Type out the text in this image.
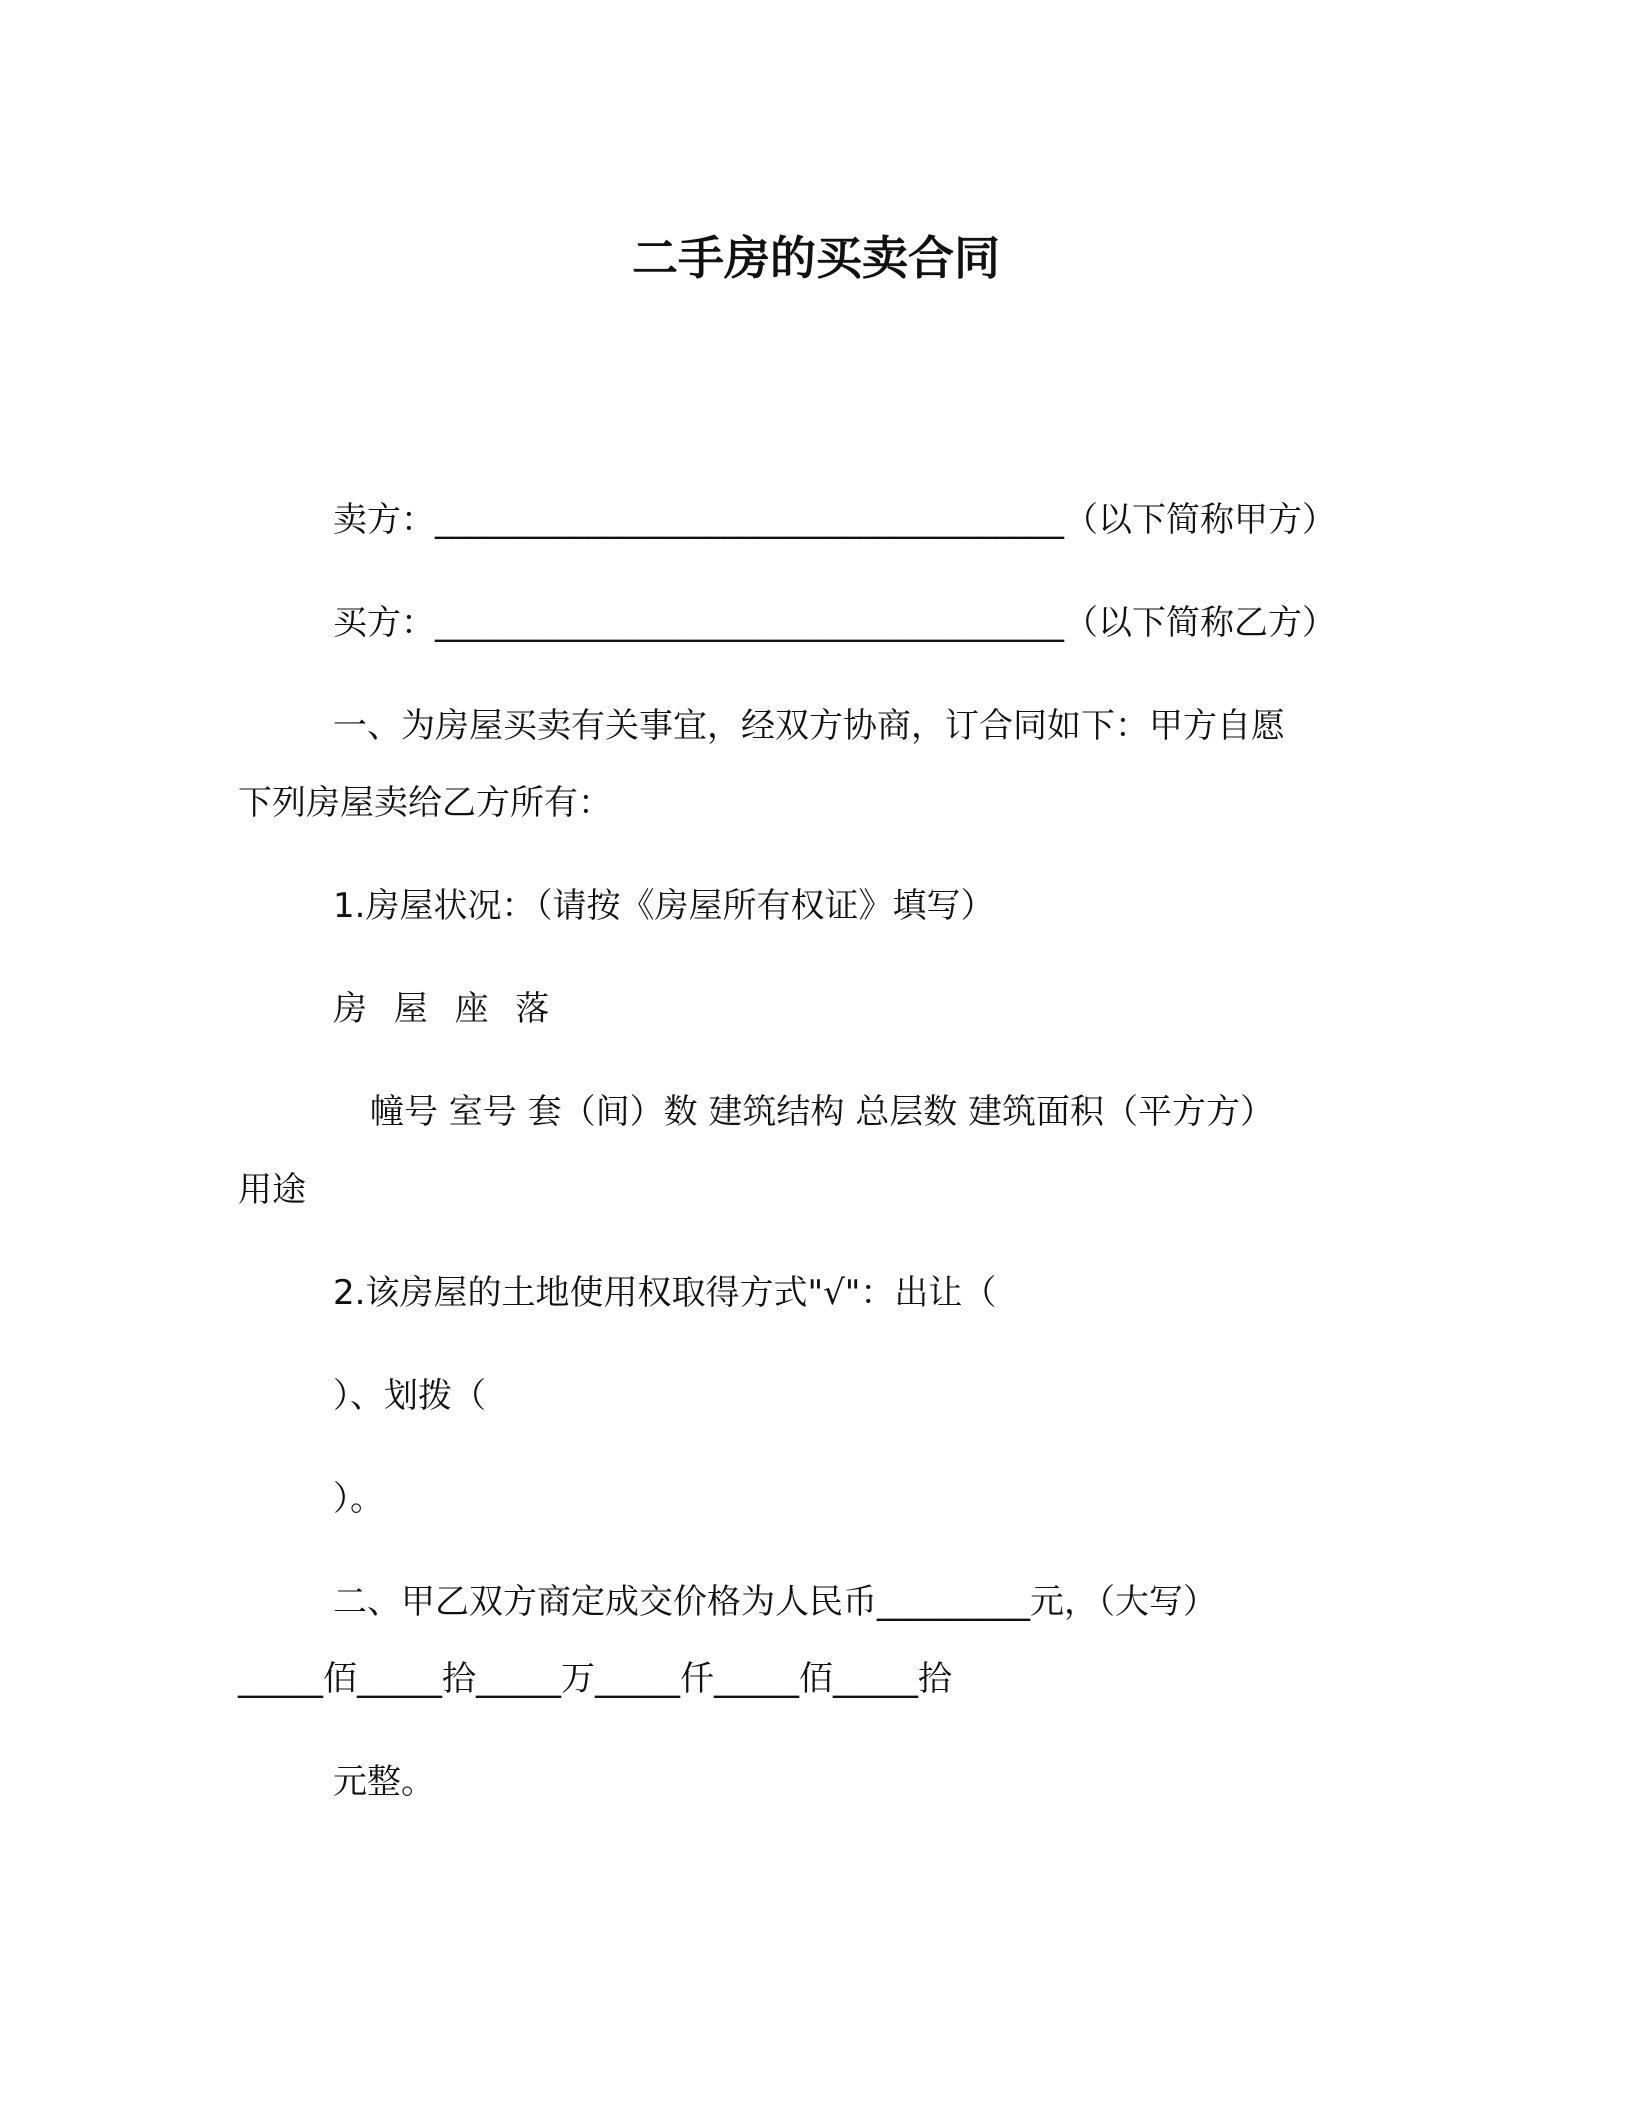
二手房的买卖合同
卖方：_____________________________________（以下简称甲方）
买方：_____________________________________（以下简称乙方）
一、为房屋买卖有关事宜，经双方协商，订合同如下：甲方自愿
下列房屋卖给乙方所有：
1.房屋状况：（请按《房屋所有权证》填写）
房 屋 座 落
幢号 室号 套（间）数 建筑结构 总层数 建筑面积（平方方）
用途
2.该房屋的土地使用权取得方式"√"：出让（
）、划拨（
）。
二、甲乙双方商定成交价格为人民币_________元，（大写）
_____佰_____拾_____万_____仟_____佰_____拾
元整。
